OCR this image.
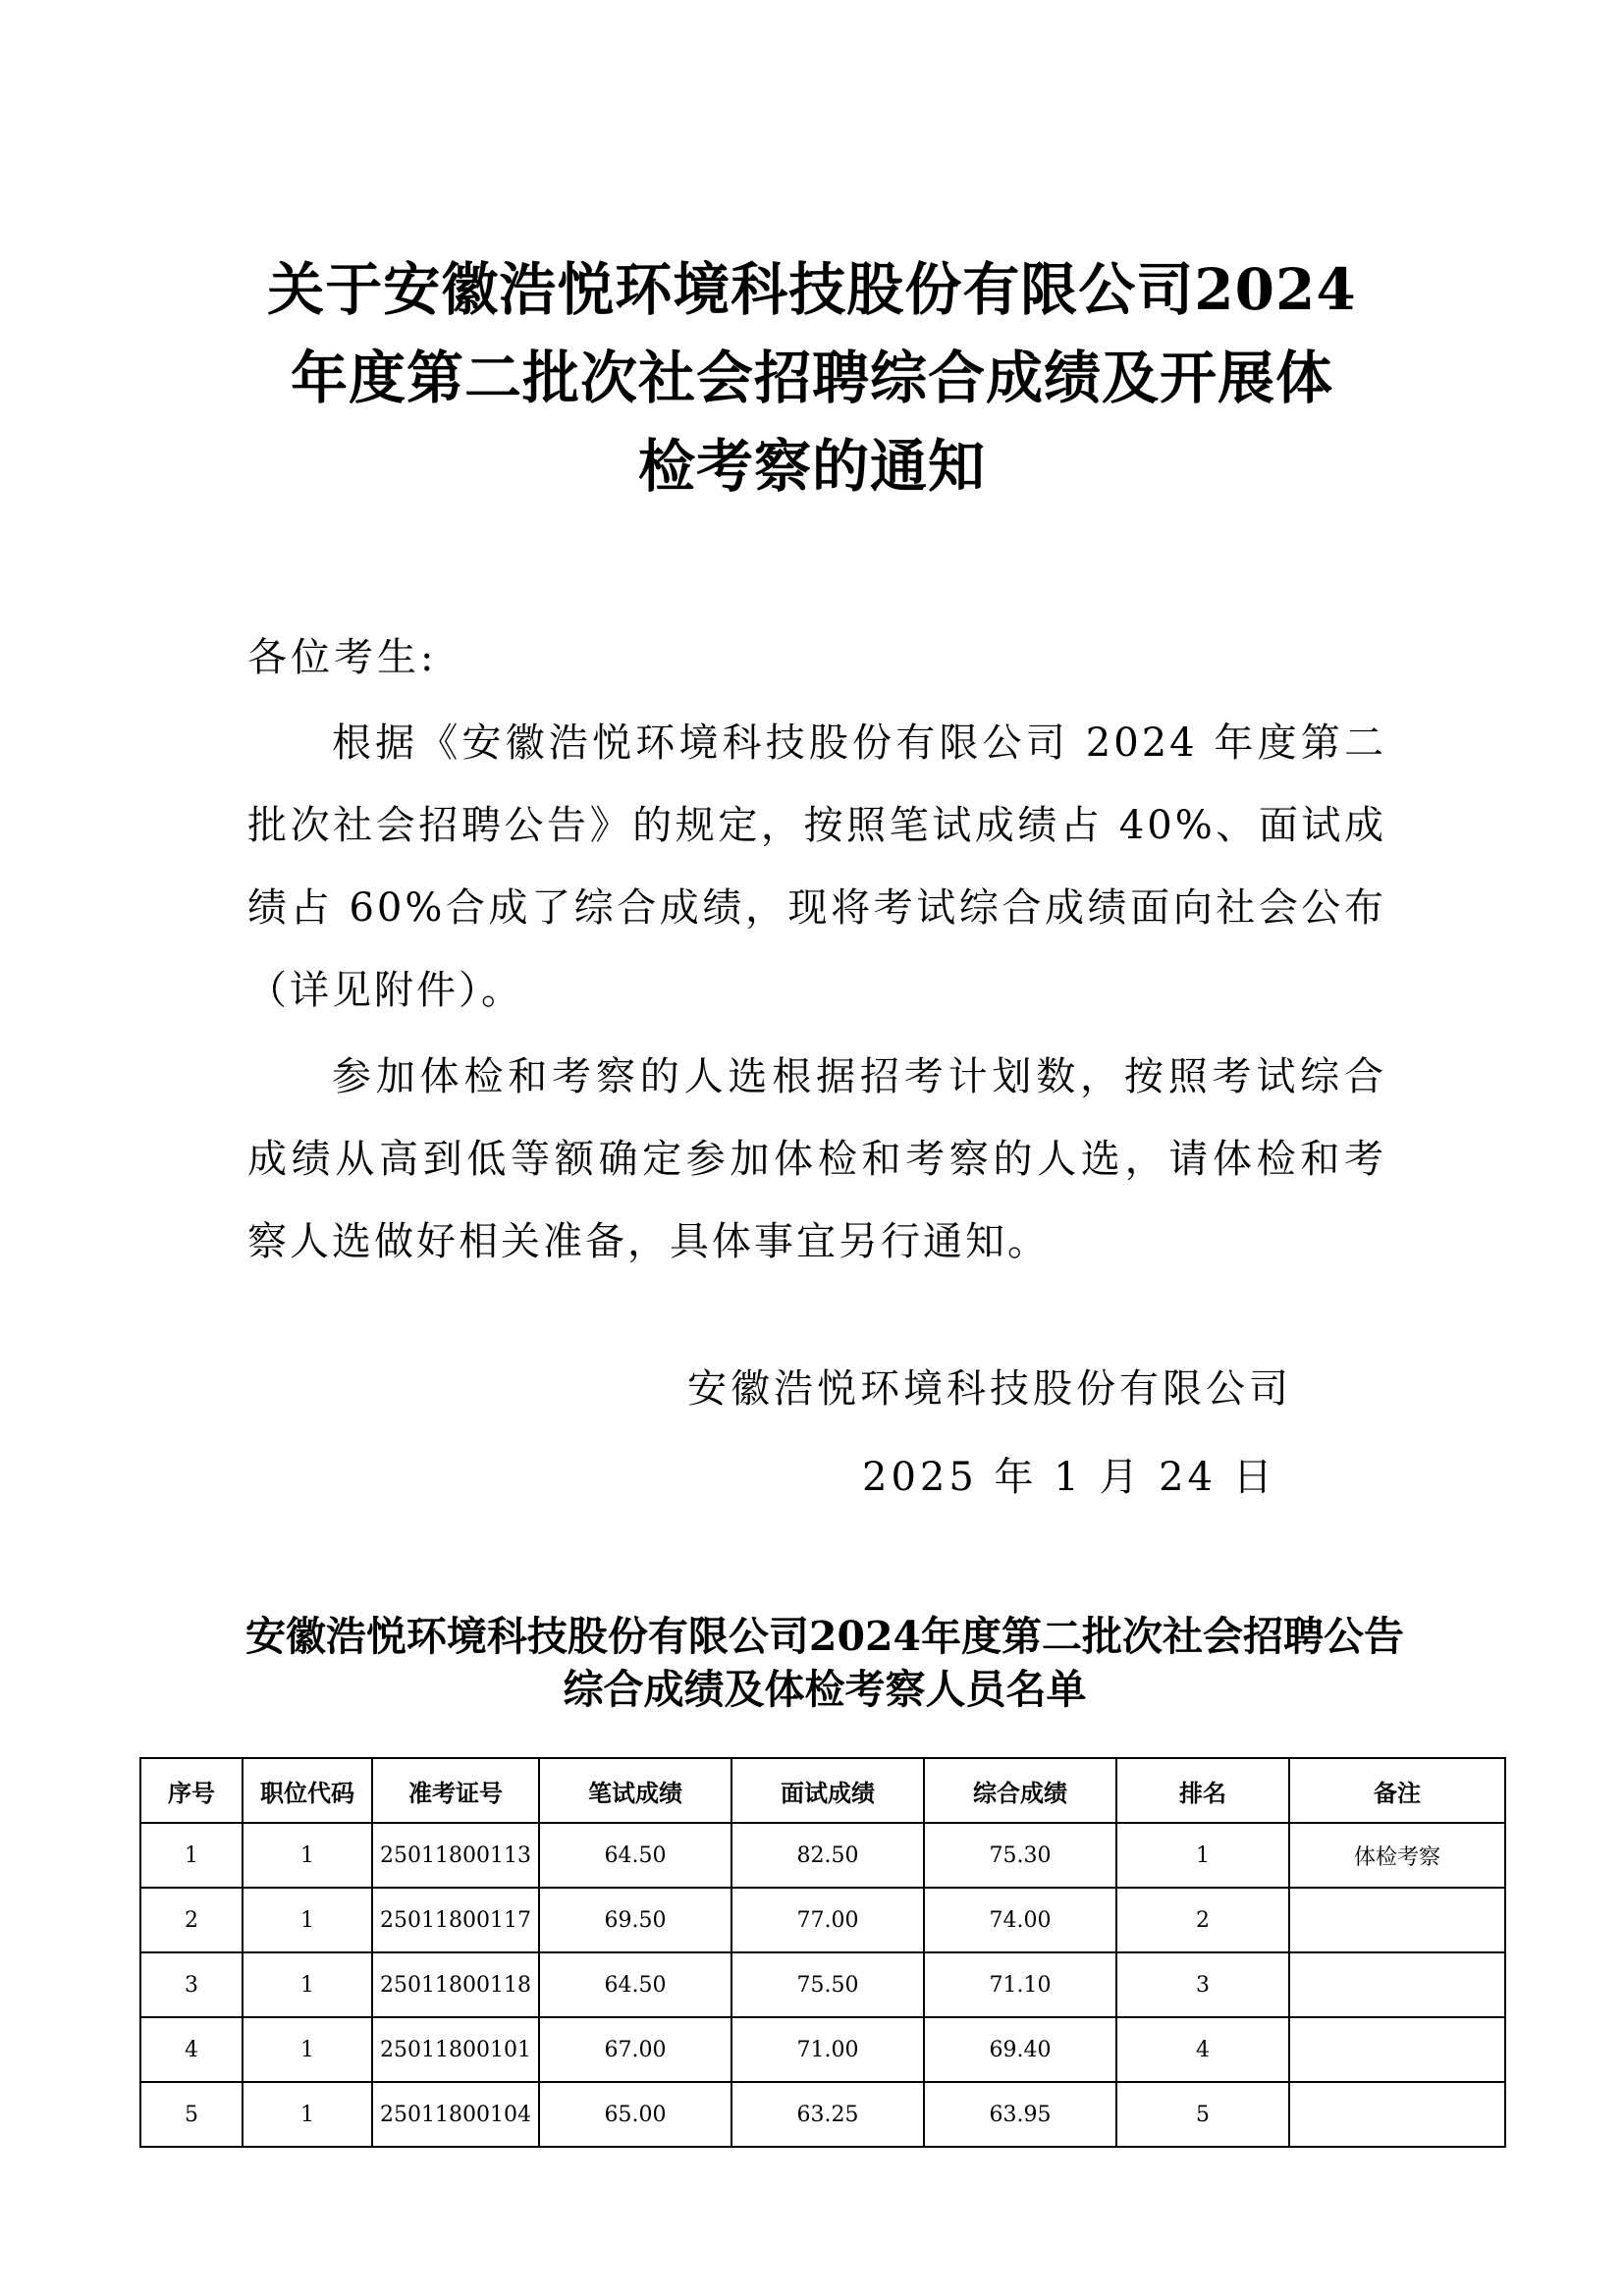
关于安徽浩悦环境科技股份有限公司2024
年度第二批次社会招聘综合成绩及开展体
检考察的通知
各位考生:

根据《安徽浩悦环境科技股份有限公司 2024 年度第二批次社会招聘公告》的规定，按照笔试成绩占 40%、面试成绩占 60%合成了综合成绩，现将考试综合成绩面向社会公布（详见附件）。

参加体检和考察的人选根据招考计划数，按照考试综合成绩从高到低等额确定参加体检和考察的人选，请体检和考察人选做好相关准备，具体事宜另行通知。

安徽浩悦环境科技股份有限公司
2025 年 1 月 24 日
安徽浩悦环境科技股份有限公司2024年度第二批次社会招聘公告
综合成绩及体检考察人员名单
序号	职位代码	准考证号	笔试成绩	面试成绩	综合成绩	排名	备注
1	1	25011800113	64.50	82.50	75.30	1	体检考察
2	1	25011800117	69.50	77.00	74.00	2	
3	1	25011800118	64.50	75.50	71.10	3	
4	1	25011800101	67.00	71.00	69.40	4	
5	1	25011800104	65.00	63.25	63.95	5	
